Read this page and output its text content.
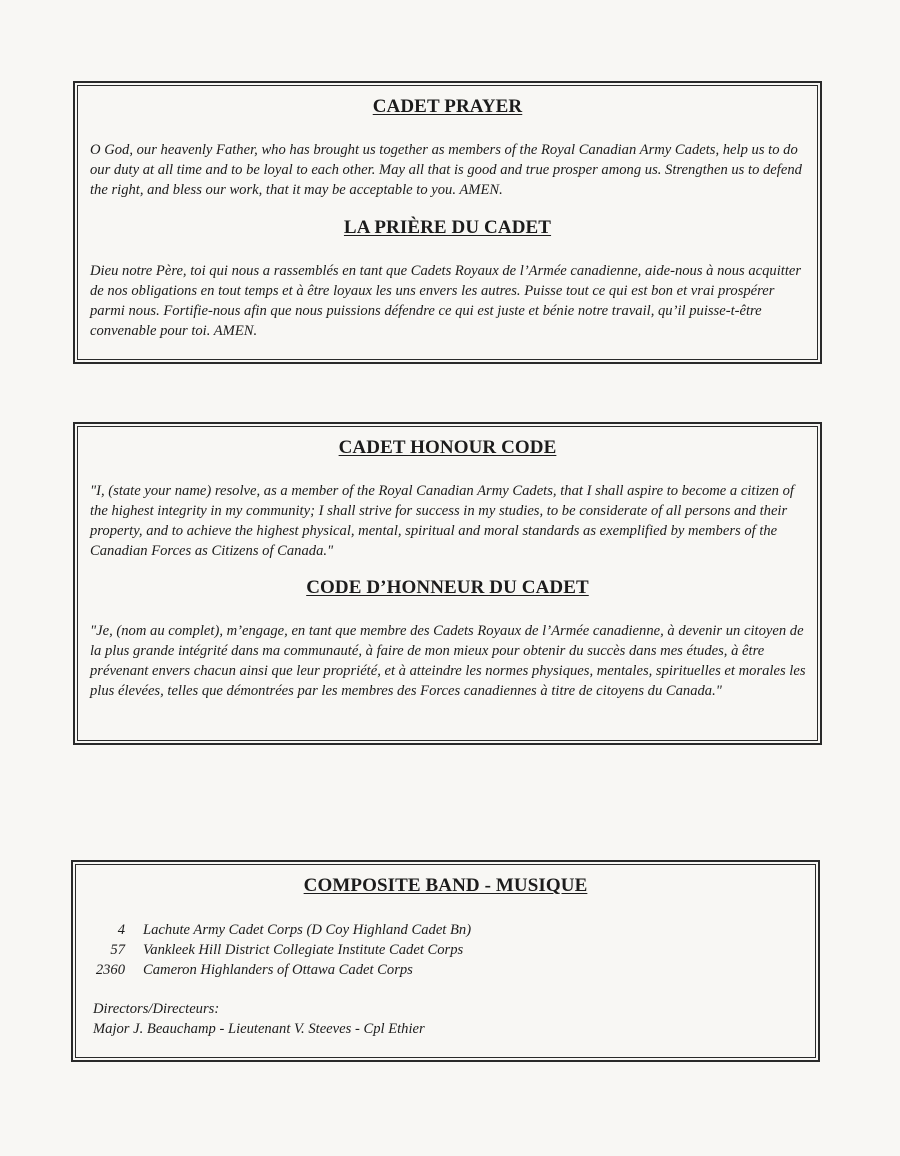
CADET PRAYER

O God, our heavenly Father, who has brought us together as members of the Royal Canadian Army Cadets, help us to do our duty at all time and to be loyal to each other. May all that is good and true prosper among us. Strengthen us to defend the right, and bless our work, that it may be acceptable to you. AMEN.

LA PRIÈRE DU CADET

Dieu notre Père, toi qui nous a rassemblés en tant que Cadets Royaux de l’Armée canadienne, aide-nous à nous acquitter de nos obligations en tout temps et à être loyaux les uns envers les autres. Puisse tout ce qui est bon et vrai prospérer parmi nous. Fortifie-nous afin que nous puissions défendre ce qui est juste et bénie notre travail, qu’il puisse-t-être convenable pour toi. AMEN.

CADET HONOUR CODE

"I, (state your name) resolve, as a member of the Royal Canadian Army Cadets, that I shall aspire to become a citizen of the highest integrity in my community; I shall strive for success in my studies, to be considerate of all persons and their property, and to achieve the highest physical, mental, spiritual and moral standards as exemplified by members of the Canadian Forces as Citizens of Canada."

CODE D’HONNEUR DU CADET

"Je, (nom au complet), m’engage, en tant que membre des Cadets Royaux de l’Armée canadienne, à devenir un citoyen de la plus grande intégrité dans ma communauté, à faire de mon mieux pour obtenir du succès dans mes études, à être prévenant envers chacun ainsi que leur propriété, et à atteindre les normes physiques, mentales, spirituelles et morales les plus élevées, telles que démontrées par les membres des Forces canadiennes à titre de citoyens du Canada."

COMPOSITE BAND - MUSIQUE
4 Lachute Army Cadet Corps (D Coy Highland Cadet Bn)
57 Vankleek Hill District Collegiate Institute Cadet Corps
2360 Cameron Highlanders of Ottawa Cadet Corps
Directors/Directeurs:
Major J. Beauchamp - Lieutenant V. Steeves - Cpl Ethier
